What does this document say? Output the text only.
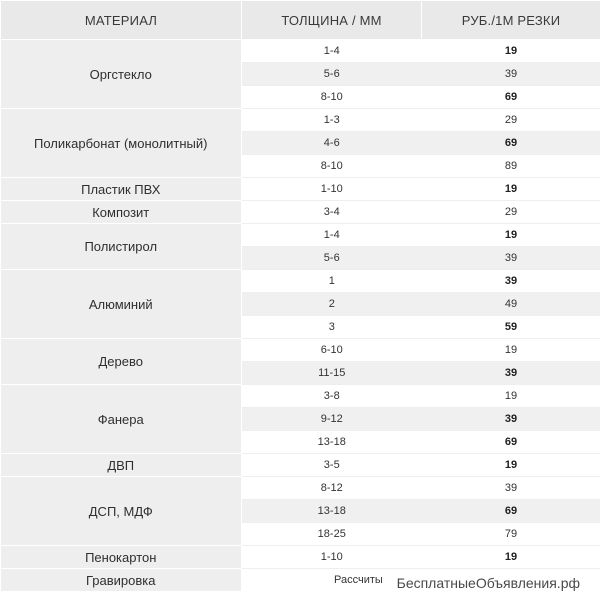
МАТЕРИАЛ	ТОЛЩИНА / ММ	РУБ./1М РЕЗКИ
Оргстекло	1-4	19
	5-6	39
	8-10	69
Поликарбонат (монолитный)	1-3	29
	4-6	69
	8-10	89
Пластик ПВХ	1-10	19
Композит	3-4	29
Полистирол	1-4	19
	5-6	39
Алюминий	1	39
	2	49
	3	59
Дерево	6-10	19
	11-15	39
Фанера	3-8	19
	9-12	39
	13-18	69
ДВП	3-5	19
ДСП, МДФ	8-12	39
	13-18	69
	18-25	79
Пенокартон	1-10	19
Гравировка	Рассчиты	БесплатныеОбъявления.рф
